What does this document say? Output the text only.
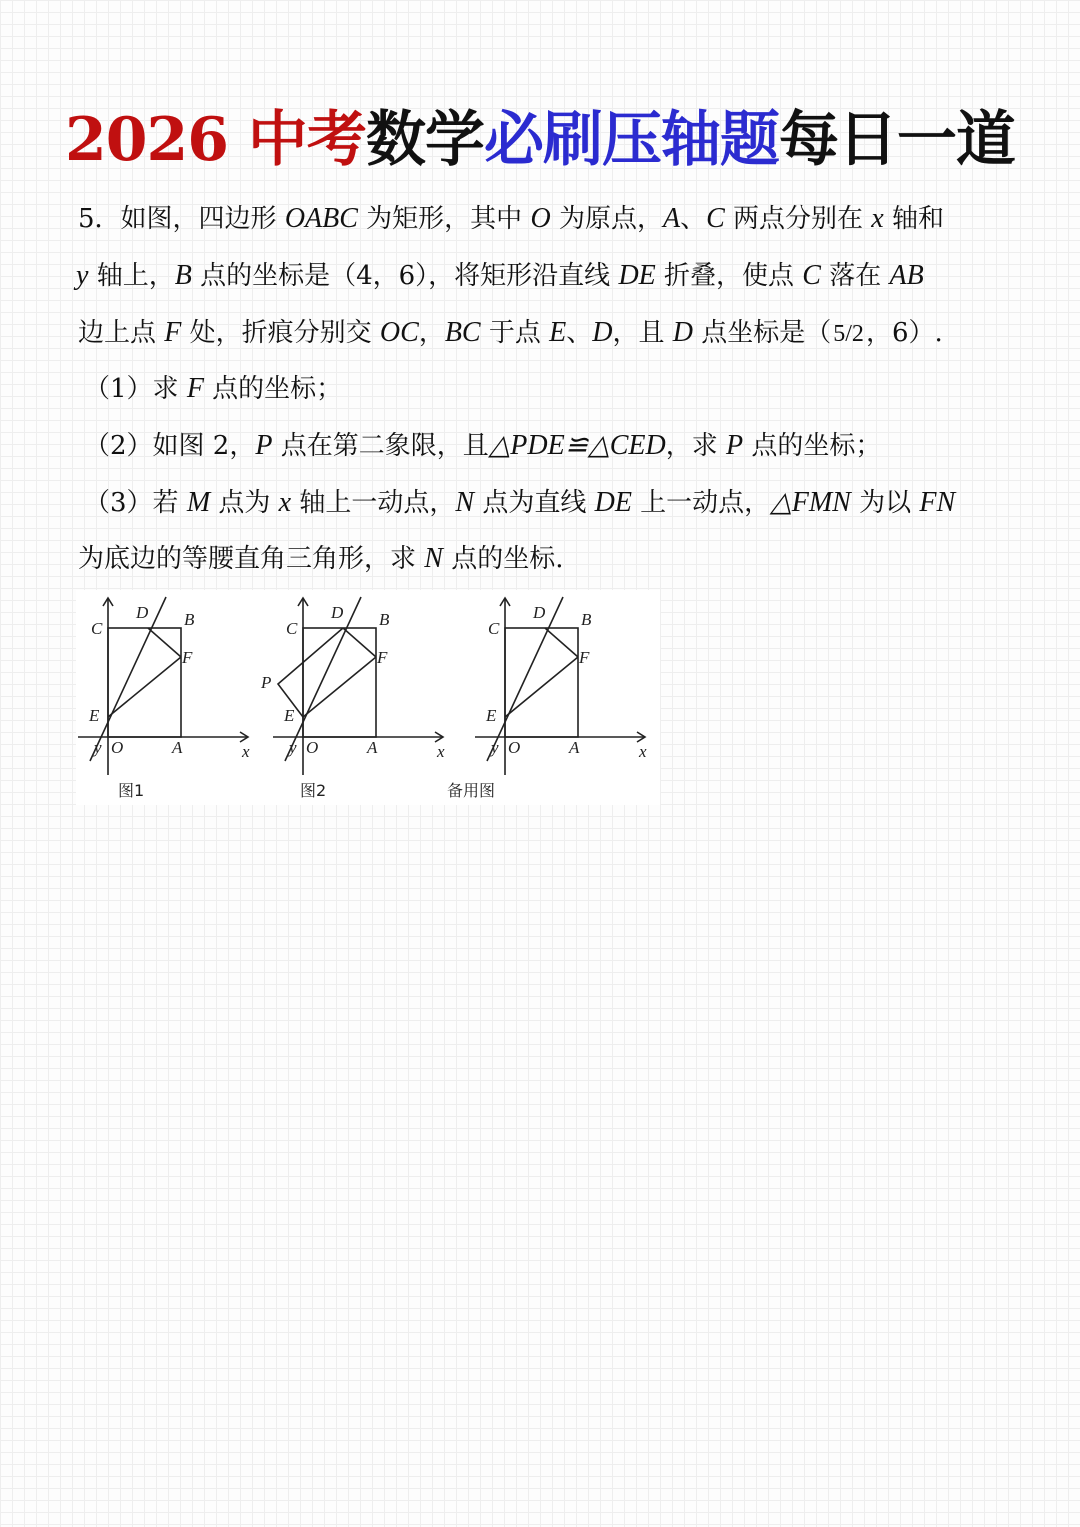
2026 中考数学必刷压轴题每日一道
5．如图，四边形 OABC 为矩形，其中 O 为原点，A、C 两点分别在 x 轴和
y 轴上，B 点的坐标是（4，6），将矩形沿直线 DE 折叠，使点 C 落在 AB
边上点 F 处，折痕分别交 OC，BC 于点 E、D，且 D 点坐标是（5/2，6）.
（1）求 F 点的坐标；
（2）如图 2，P 点在第二象限，且△PDE≌△CED，求 P 点的坐标；
（3）若 M 点为 x 轴上一动点，N 点为直线 DE 上一动点，△FMN 为以 FN
为底边的等腰直角三角形，求 N 点的坐标.
y	x
O	A
B
C
D
E
F
图1
y	x
O	A
B
C
D
E
F
P
图2
y	x
O	A
B
C
D
E
F
备用图
